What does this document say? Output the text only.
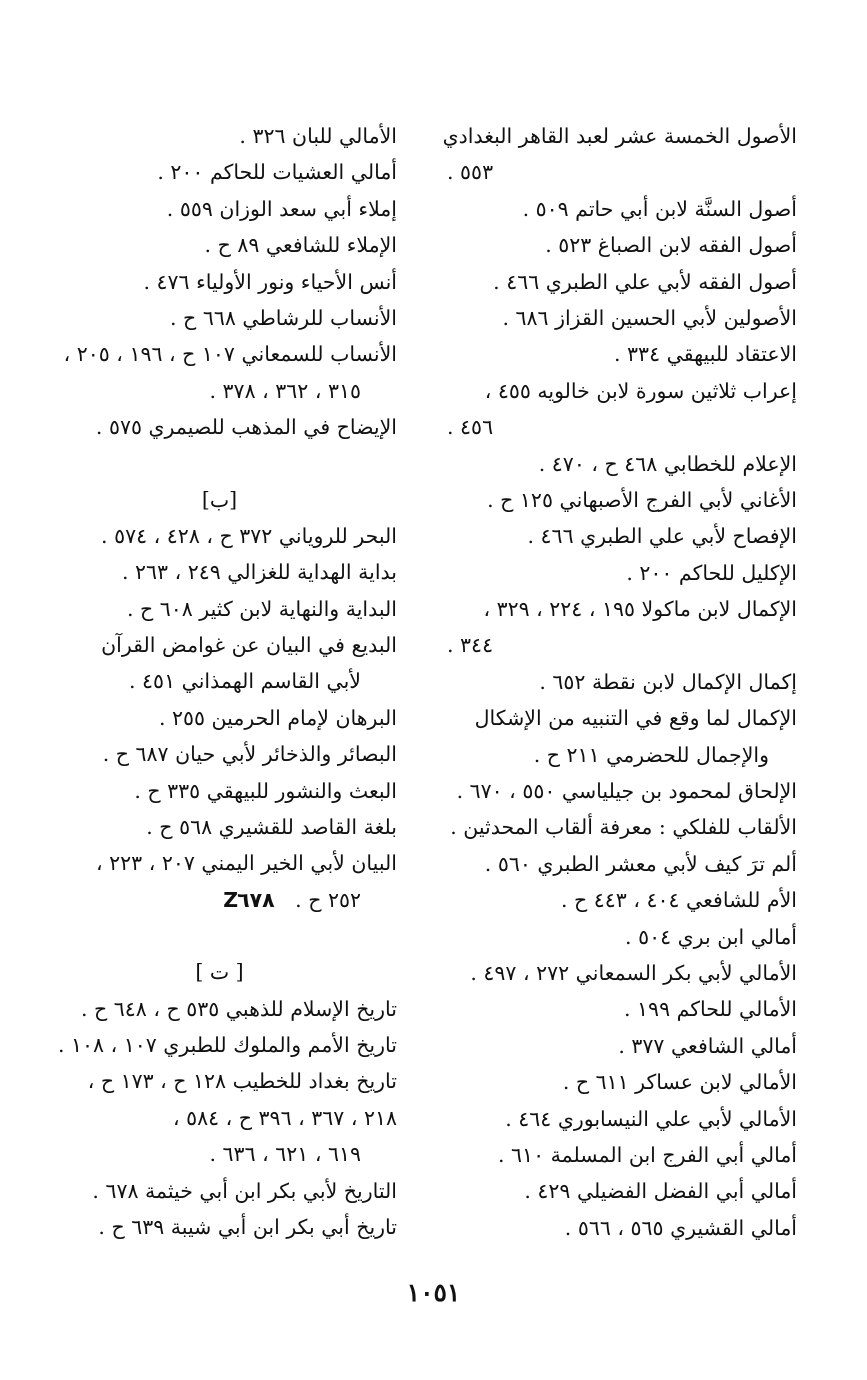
الأصول الخمسة عشر لعبد القاهر البغدادي
٥٥٣ .
أصول السنَّة لابن أبي حاتم ٥٠٩ .
أصول الفقه لابن الصباغ ٥٢٣ .
أصول الفقه لأبي علي الطبري ٤٦٦ .
الأصولين لأبي الحسين القزاز ٦٨٦ .
الاعتقاد للبيهقي ٣٣٤ .
إعراب ثلاثين سورة لابن خالويه ٤٥٥ ،
٤٥٦ .
الإعلام للخطابي ٤٦٨ ح ، ٤٧٠ .
الأغاني لأبي الفرج الأصبهاني ١٢٥ ح .
الإفصاح لأبي علي الطبري ٤٦٦ .
الإكليل للحاكم ٢٠٠ .
الإكمال لابن ماكولا ١٩٥ ، ٢٢٤ ، ٣٢٩ ،
٣٤٤ .
إكمال الإكمال لابن نقطة ٦٥٢ .
الإكمال لما وقع في التنبيه من الإشكال
والإجمال للحضرمي ٢١١ ح .
الإلحاق لمحمود بن جيلياسي ٥٥٠ ، ٦٧٠ .
الألقاب للفلكي : معرفة ألقاب المحدثين .
ألم ترَ كيف لأبي معشر الطبري ٥٦٠ .
الأم للشافعي ٤٠٤ ، ٤٤٣ ح .
أمالي ابن بري ٥٠٤ .
الأمالي لأبي بكر السمعاني ٢٧٢ ، ٤٩٧ .
الأمالي للحاكم ١٩٩ .
أمالي الشافعي ٣٧٧ .
الأمالي لابن عساكر ٦١١ ح .
الأمالي لأبي علي النيسابوري ٤٦٤ .
أمالي أبي الفرج ابن المسلمة ٦١٠ .
أمالي أبي الفضل الفضيلي ٤٢٩ .
أمالي القشيري ٥٦٥ ، ٥٦٦ .
الأمالي للبان ٣٢٦ .
أمالي العشيات للحاكم ٢٠٠ .
إملاء أبي سعد الوزان ٥٥٩ .
الإملاء للشافعي ٨٩ ح .
أنس الأحياء ونور الأولياء ٤٧٦ .
الأنساب للرشاطي ٦٦٨ ح .
الأنساب للسمعاني ١٠٧ ح ، ١٩٦ ، ٢٠٥ ،
٣١٥ ، ٣٦٢ ، ٣٧٨ .
الإيضاح في المذهب للصيمري ٥٧٥ .
[ب]
البحر للروياني ٣٧٢ ح ، ٤٢٨ ، ٥٧٤ .
بداية الهداية للغزالي ٢٤٩ ، ٢٦٣ .
البداية والنهاية لابن كثير ٦٠٨ ح .
البديع في البيان عن غوامض القرآن
لأبي القاسم الهمذاني ٤٥١ .
البرهان لإمام الحرمين ٢٥٥ .
البصائر والذخائر لأبي حيان ٦٨٧ ح .
البعث والنشور للبيهقي ٣٣٥ ح .
بلغة القاصد للقشيري ٥٦٨ ح .
البيان لأبي الخير اليمني ٢٠٧ ، ٢٢٣ ،
٢٥٢ ح . Z٦٧٨
[ ت ]
تاريخ الإسلام للذهبي ٥٣٥ ح ، ٦٤٨ ح .
تاريخ الأمم والملوك للطبري ١٠٧ ، ١٠٨ .
تاريخ بغداد للخطيب ١٢٨ ح ، ١٧٣ ح ،
٢١٨ ، ٣٦٧ ، ٣٩٦ ح ، ٥٨٤ ،
٦١٩ ، ٦٢١ ، ٦٣٦ .
التاريخ لأبي بكر ابن أبي خيثمة ٦٧٨ .
تاريخ أبي بكر ابن أبي شيبة ٦٣٩ ح .
١٠٥١
